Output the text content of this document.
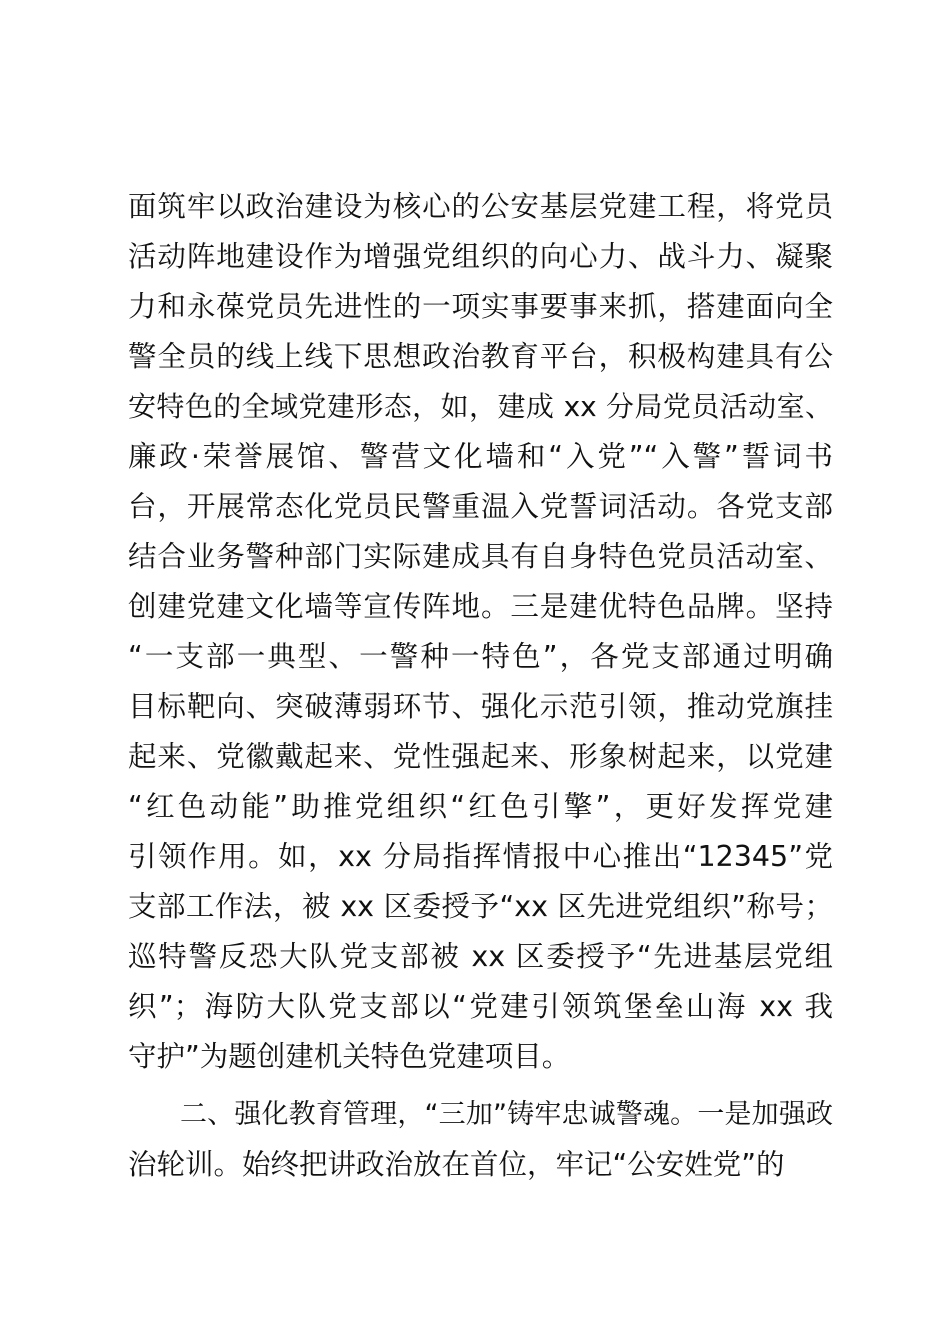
面筑牢以政治建设为核心的公安基层党建工程，将党员
活动阵地建设作为增强党组织的向心力、战斗力、凝聚
力和永葆党员先进性的一项实事要事来抓，搭建面向全
警全员的线上线下思想政治教育平台，积极构建具有公
安特色的全域党建形态，如，建成 xx 分局党员活动室、
廉政·荣誉展馆、警营文化墙和“入党”“入警”誓词书
台，开展常态化党员民警重温入党誓词活动。各党支部
结合业务警种部门实际建成具有自身特色党员活动室、
创建党建文化墙等宣传阵地。三是建优特色品牌。坚持
“一支部一典型、一警种一特色”，各党支部通过明确
目标靶向、突破薄弱环节、强化示范引领，推动党旗挂
起来、党徽戴起来、党性强起来、形象树起来，以党建
“红色动能”助推党组织“红色引擎”，更好发挥党建
引领作用。如，xx 分局指挥情报中心推出“12345”党
支部工作法，被 xx 区委授予“xx 区先进党组织”称号；
巡特警反恐大队党支部被 xx 区委授予“先进基层党组
织”；海防大队党支部以“党建引领筑堡垒山海 xx 我
守护”为题创建机关特色党建项目。
二、强化教育管理，“三加”铸牢忠诚警魂。一是加强政
治轮训。始终把讲政治放在首位，牢记“公安姓党”的
